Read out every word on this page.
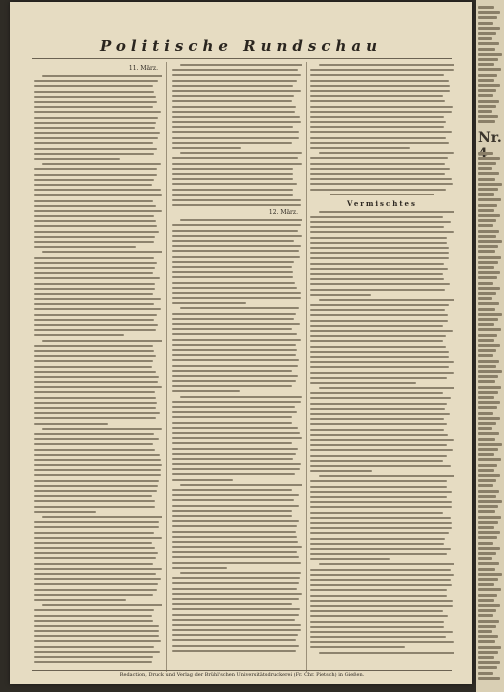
Politische Rundschau
11. März.
12. März.
Vermischtes
Redaction, Druck und Verlag der Brühl'schen Universitätsdruckerei (Fr. Chr. Pietsch) in Gießen.
Nr.
